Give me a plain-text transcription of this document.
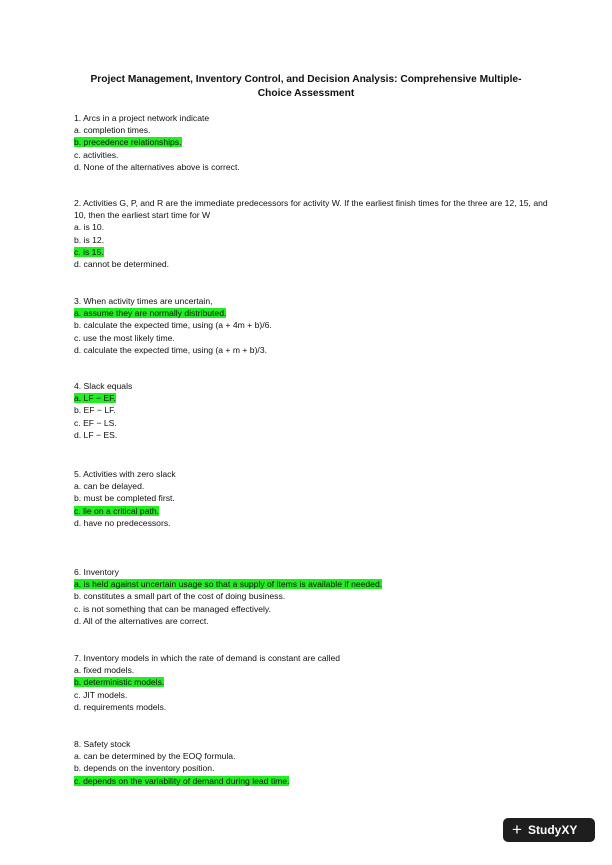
Project Management, Inventory Control, and Decision Analysis: Comprehensive Multiple-Choice Assessment
1. Arcs in a project network indicate
a. completion times.
b. precedence relationships.
c. activities.
d. None of the alternatives above is correct.
2. Activities G, P, and R are the immediate predecessors for activity W. If the earliest finish times for the three are 12, 15, and 10, then the earliest start time for W
a. is 10.
b. is 12.
c. is 15.
d. cannot be determined.
3. When activity times are uncertain,
a. assume they are normally distributed.
b. calculate the expected time, using (a + 4m + b)/6.
c. use the most likely time.
d. calculate the expected time, using (a + m + b)/3.
4. Slack equals
a. LF − EF.
b. EF − LF.
c. EF − LS.
d. LF − ES.
5. Activities with zero slack
a. can be delayed.
b. must be completed first.
c. lie on a critical path.
d. have no predecessors.
6. Inventory
a. is held against uncertain usage so that a supply of items is available if needed.
b. constitutes a small part of the cost of doing business.
c. is not something that can be managed effectively.
d. All of the alternatives are correct.
7. Inventory models in which the rate of demand is constant are called
a. fixed models.
b. deterministic models.
c. JIT models.
d. requirements models.
8. Safety stock
a. can be determined by the EOQ formula.
b. depends on the inventory position.
c. depends on the variability of demand during lead time.
+ StudyXY
